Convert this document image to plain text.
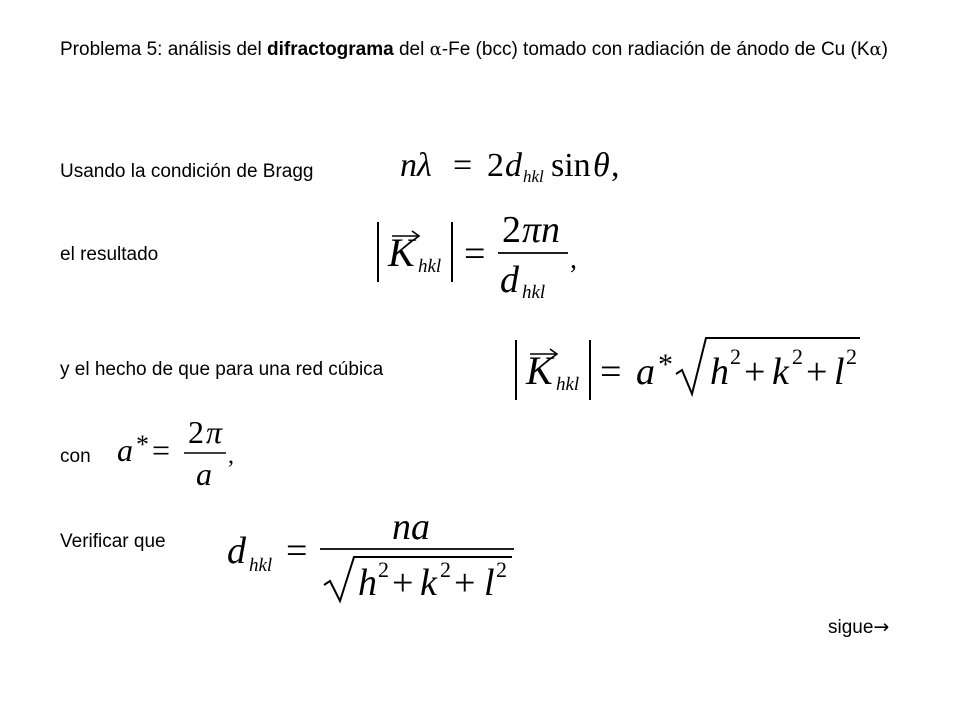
Problema 5: análisis del difractograma del α-Fe (bcc) tomado con radiación de ánodo de Cu (Kα)
Usando la condición de Bragg	nλ = 2 d hkl sin θ ,
el resultado	K hkl =
2 πn
d hkl
,
y el hecho de que para una red cúbica	K hkl = a * h 2 + k 2 + l 2
con a * = 2 π
a ,
Verificar que d hkl =
na
h 2 + k 2 + l 2
sigue→
